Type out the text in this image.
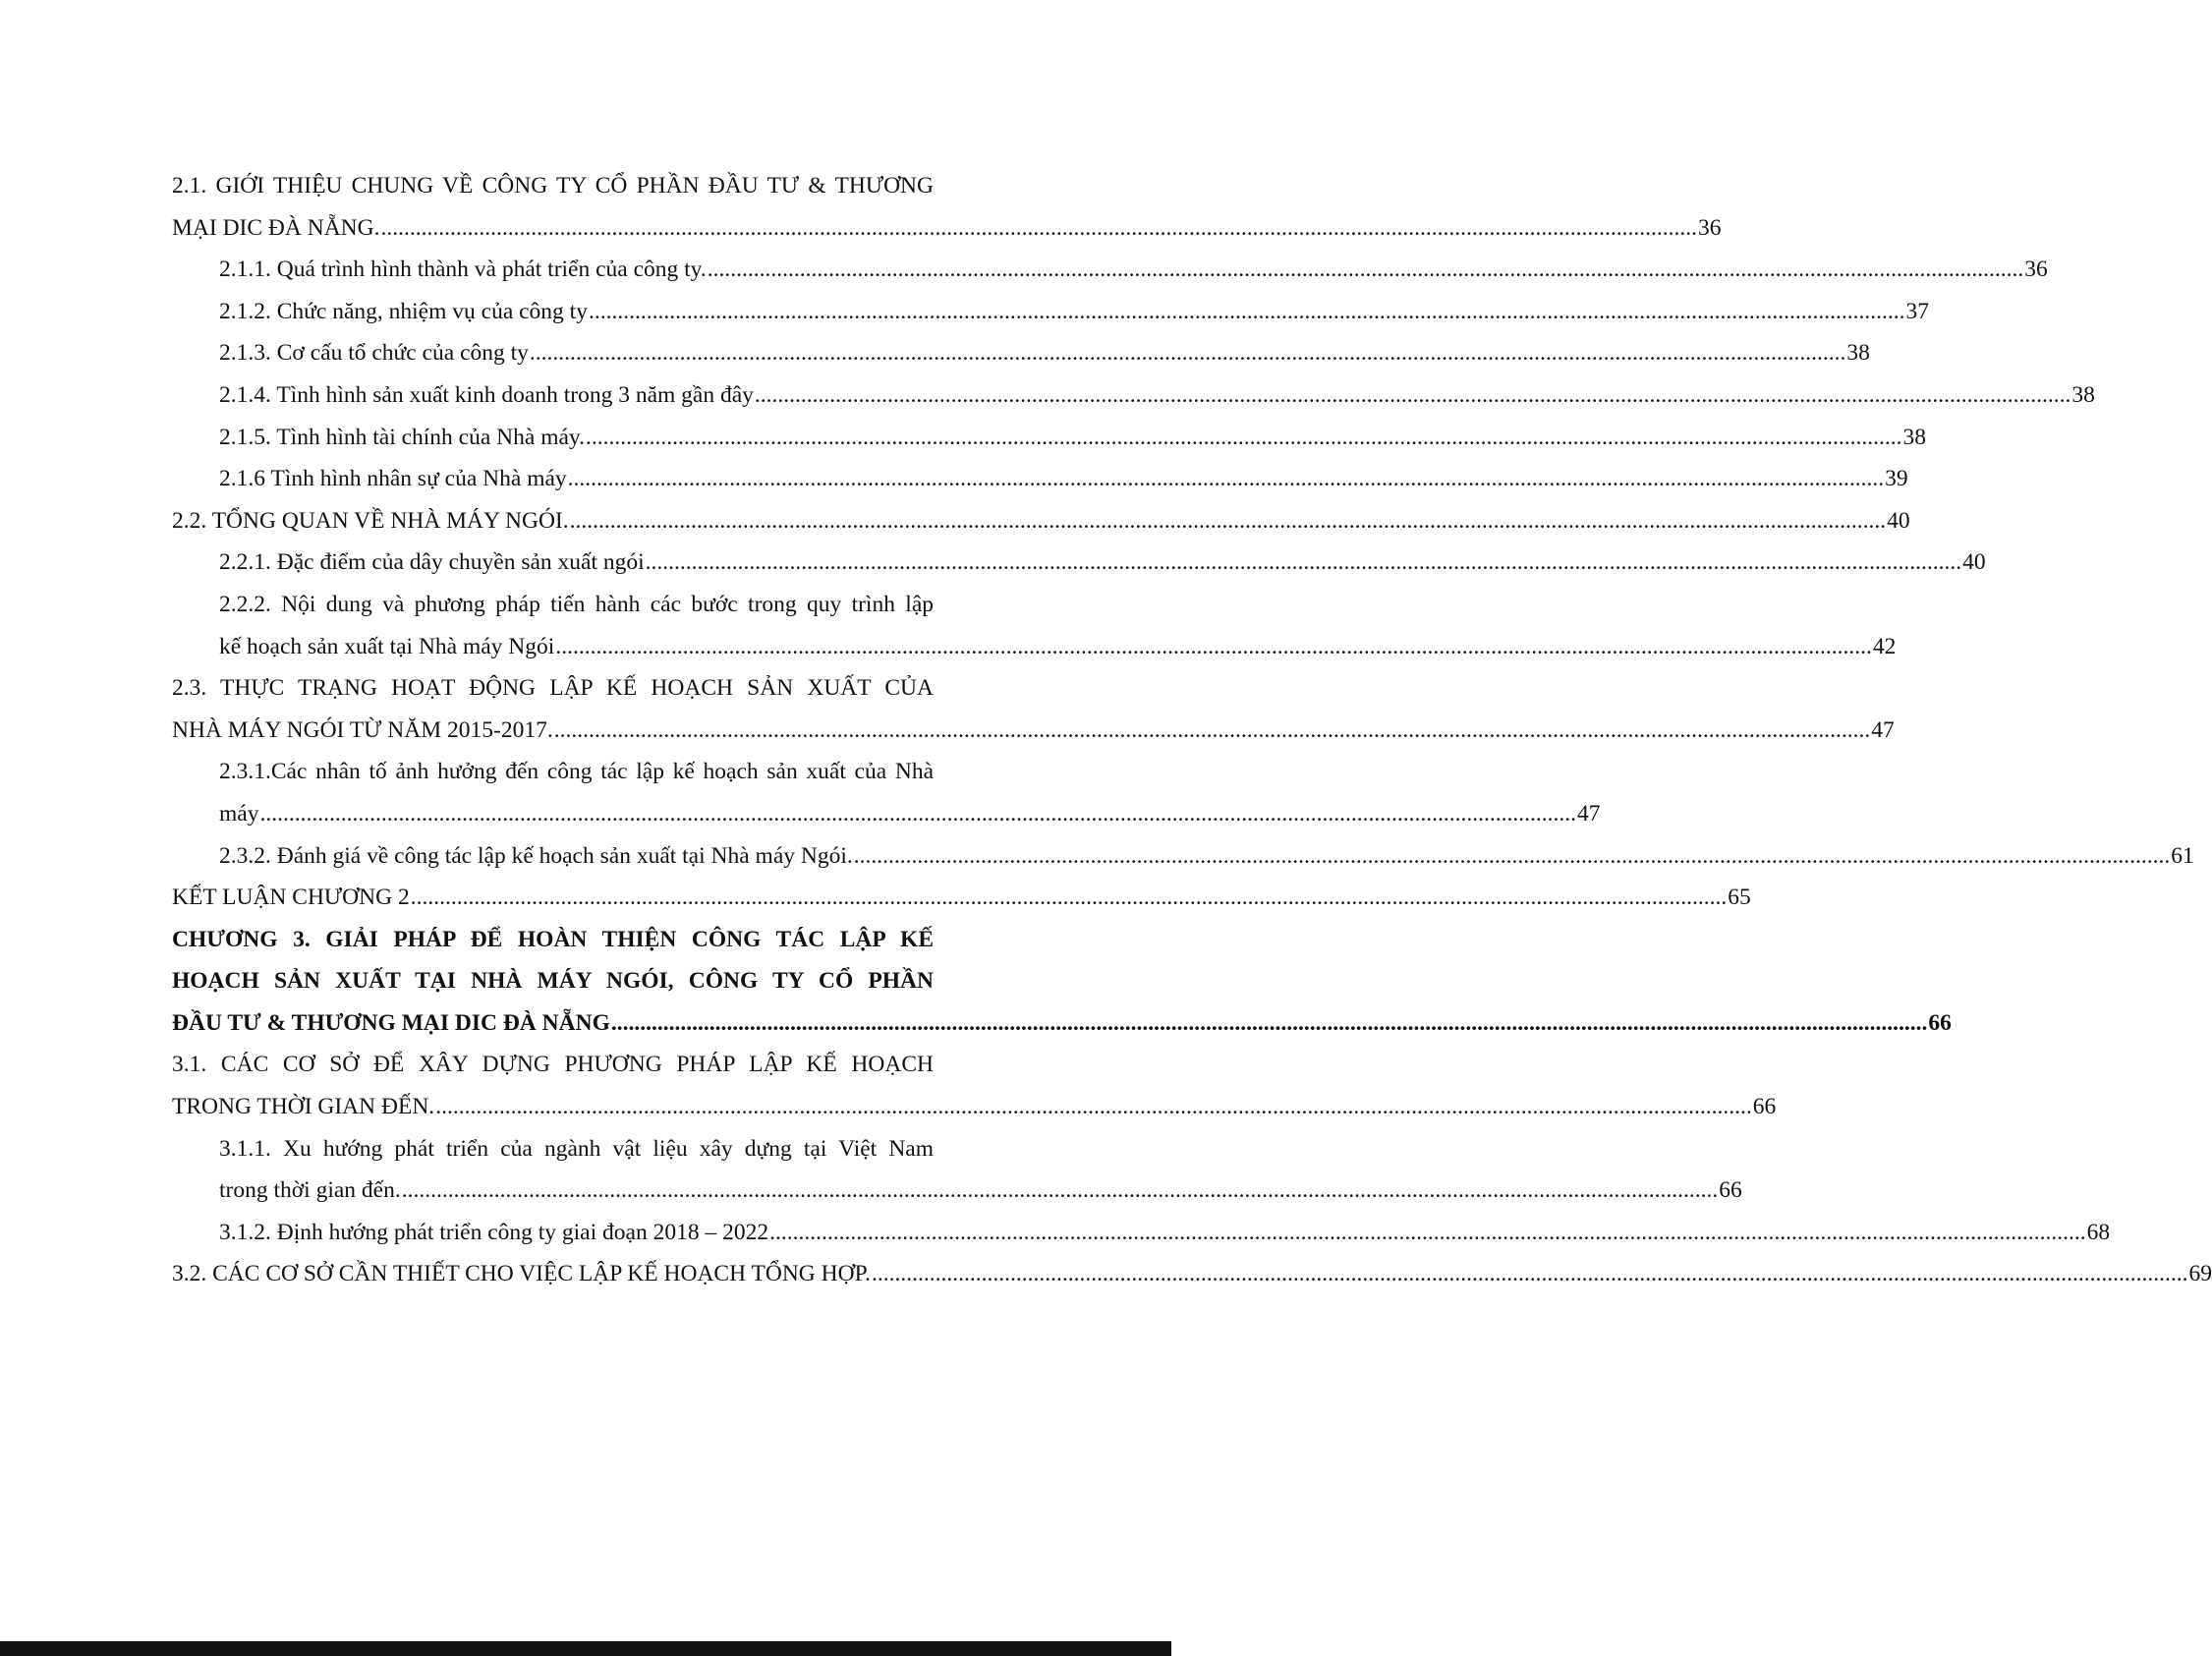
2.1. GIỚI THIỆU CHUNG VỀ CÔNG TY CỔ PHẦN ĐẦU TƯ & THƯƠNG
MẠI DIC ĐÀ NẴNG. .....	36
2.1.1. Quá trình hình thành và phát triển của công ty. .....	36
2.1.2. Chức năng, nhiệm vụ của công ty .....	37
2.1.3. Cơ cấu tổ chức của công ty .....	38
2.1.4. Tình hình sản xuất kinh doanh trong 3 năm gần đây .....	38
2.1.5. Tình hình tài chính của Nhà máy. .....	38
2.1.6 Tình hình nhân sự của Nhà máy .....	39
2.2. TỔNG QUAN VỀ NHÀ MÁY NGÓI. .....	40
2.2.1. Đặc điểm của dây chuyền sản xuất ngói .....	40
2.2.2. Nội dung và phương pháp tiến hành các bước trong quy trình lập
kế hoạch sản xuất tại Nhà máy Ngói .....	42
2.3. THỰC TRẠNG HOẠT ĐỘNG LẬP KẾ HOẠCH SẢN XUẤT CỦA
NHÀ MÁY NGÓI TỪ NĂM 2015-2017. .....	47
2.3.1.Các nhân tố ảnh hưởng đến công tác lập kế hoạch sản xuất của Nhà
máy .....	47
2.3.2. Đánh giá về công tác lập kế hoạch sản xuất tại Nhà máy Ngói. .....	61
KẾT LUẬN CHƯƠNG 2 .....	65
CHƯƠNG 3. GIẢI PHÁP ĐỂ HOÀN THIỆN CÔNG TÁC LẬP KẾ
HOẠCH SẢN XUẤT TẠI NHÀ MÁY NGÓI, CÔNG TY CỔ PHẦN
ĐẦU TƯ & THƯƠNG MẠI DIC ĐÀ NẴNG .....	66
3.1. CÁC CƠ SỞ ĐỂ XÂY DỰNG PHƯƠNG PHÁP LẬP KẾ HOẠCH
TRONG THỜI GIAN ĐẾN. .....	66
3.1.1. Xu hướng phát triển của ngành vật liệu xây dựng tại Việt Nam
trong thời gian đến. .....	66
3.1.2. Định hướng phát triển công ty giai đoạn 2018 – 2022 .....	68
3.2. CÁC CƠ SỞ CẦN THIẾT CHO VIỆC LẬP KẾ HOẠCH TỔNG HỢP. .....	69
